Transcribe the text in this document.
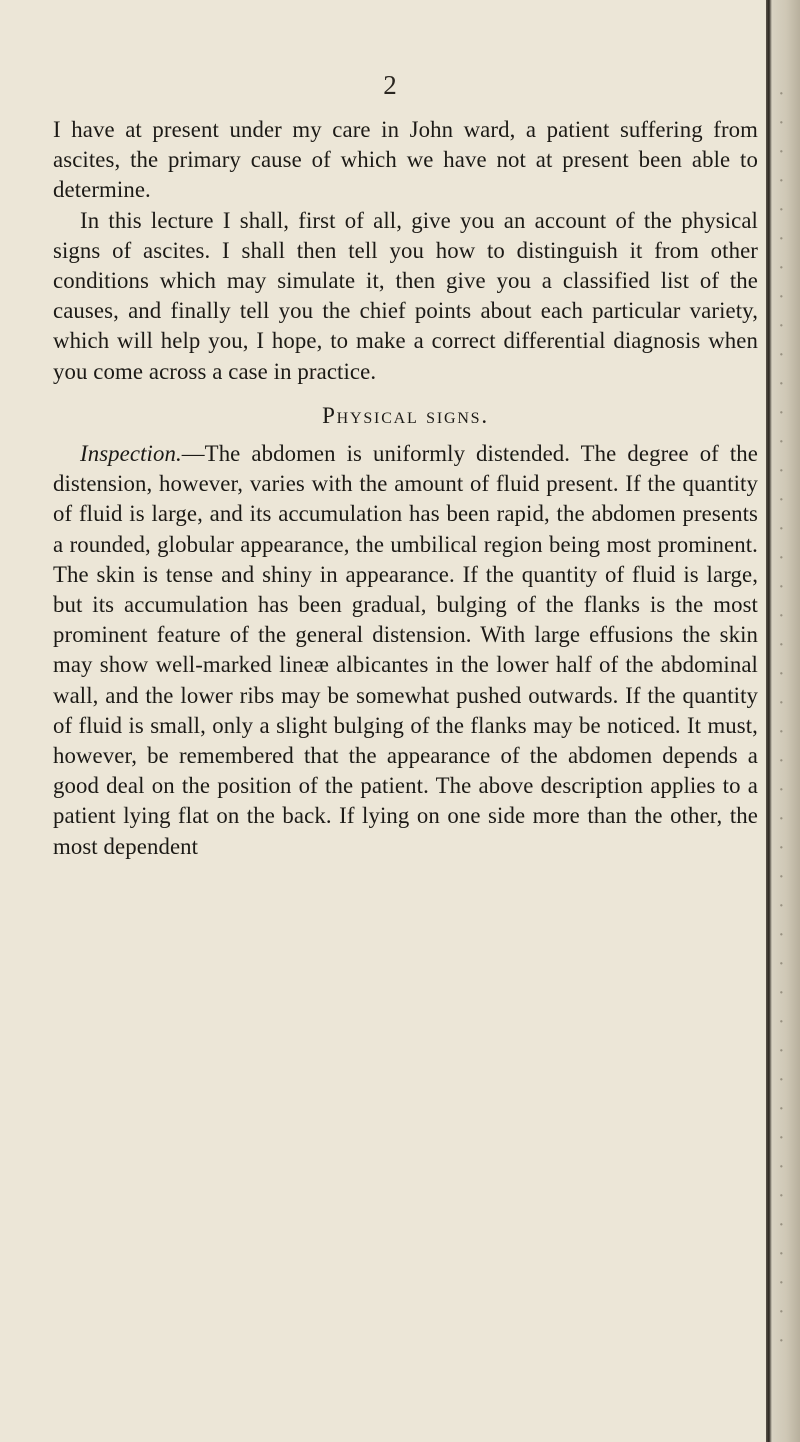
2

I have at present under my care in John ward, a patient suffering from ascites, the primary cause of which we have not at present been able to determine.

In this lecture I shall, first of all, give you an account of the physical signs of ascites. I shall then tell you how to distinguish it from other conditions which may simulate it, then give you a classified list of the causes, and finally tell you the chief points about each particular variety, which will help you, I hope, to make a correct differential diagnosis when you come across a case in practice.

Physical signs.

Inspection.—The abdomen is uniformly distended. The degree of the distension, however, varies with the amount of fluid present. If the quantity of fluid is large, and its accumulation has been rapid, the abdomen presents a rounded, globular appearance, the umbilical region being most prominent. The skin is tense and shiny in appearance. If the quantity of fluid is large, but its accumulation has been gradual, bulging of the flanks is the most prominent feature of the general distension. With large effusions the skin may show well-marked lineæ albicantes in the lower half of the abdominal wall, and the lower ribs may be somewhat pushed outwards. If the quantity of fluid is small, only a slight bulging of the flanks may be noticed. It must, however, be remembered that the appearance of the abdomen depends a good deal on the position of the patient. The above description applies to a patient lying flat on the back. If lying on one side more than the other, the most dependent

·
·
·
·
·
·
·
·
·
·
·
·
·
·
·
·
·
·
·
·
·
·
·
·
·
·
·
·
·
·
·
·
·
·
·
·
·
·
·
·
·
·
·
·
